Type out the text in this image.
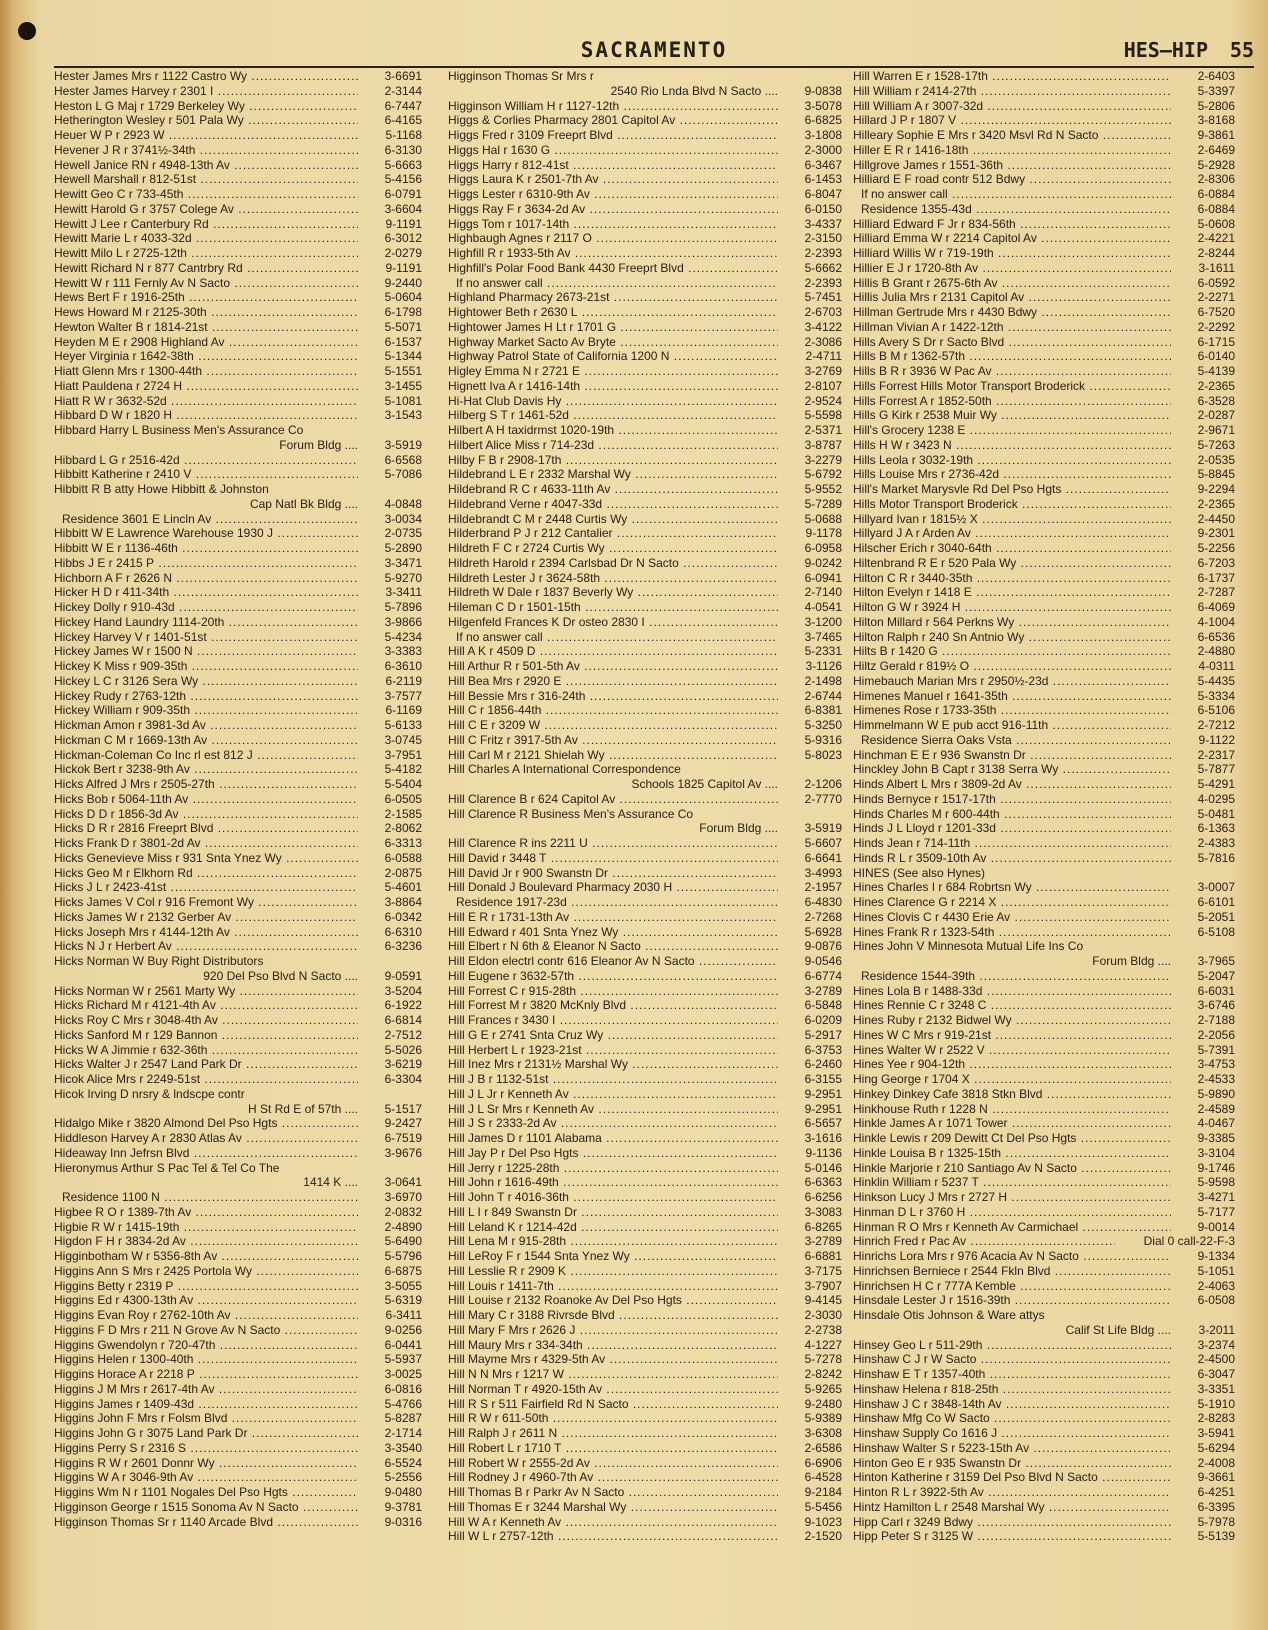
SACRAMENTO	HES—HIP 55
Hester James Mrs r 1122 Castro Wy .....	3-6691
Hester James Harvey r 2301 I .....	2-3144
Heston L G Maj r 1729 Berkeley Wy .....	6-7447
Hetherington Wesley r 501 Pala Wy .....	6-4165
Heuer W P r 2923 W .....	5-1168
Hevener J R r 3741½-34th .....	6-3130
Hewell Janice RN r 4948-13th Av .....	5-6663
Hewell Marshall r 812-51st .....	5-4156
Hewitt Geo C r 733-45th .....	6-0791
Hewitt Harold G r 3757 Colege Av .....	3-6604
Hewitt J Lee r Canterbury Rd .....	9-1191
Hewitt Marie L r 4033-32d .....	6-3012
Hewitt Milo L r 2725-12th .....	2-0279
Hewitt Richard N r 877 Cantrbry Rd .....	9-1191
Hewitt W r 111 Fernly Av N Sacto .....	9-2440
Hews Bert F r 1916-25th .....	5-0604
Hews Howard M r 2125-30th .....	6-1798
Hewton Walter B r 1814-21st .....	5-5071
Heyden M E r 2908 Highland Av .....	6-1537
Heyer Virginia r 1642-38th .....	5-1344
Hiatt Glenn Mrs r 1300-44th .....	5-1551
Hiatt Pauldena r 2724 H .....	3-1455
Hiatt R W r 3632-52d .....	5-1081
Hibbard D W r 1820 H .....	3-1543
Hibbard Harry L Business Men's Assurance Co
Forum Bldg ....	3-5919
Hibbard L G r 2516-42d .....	6-6568
Hibbitt Katherine r 2410 V .....	5-7086
Hibbitt R B atty Howe Hibbitt & Johnston
Cap Natl Bk Bldg ....	4-0848
Residence 3601 E Lincln Av .....	3-0034
Hibbitt W E Lawrence Warehouse 1930 J .....	2-0735
Hibbitt W E r 1136-46th .....	5-2890
Hibbs J E r 2415 P .....	3-3471
Hichborn A F r 2626 N .....	5-9270
Hicker H D r 411-34th .....	3-3411
Hickey Dolly r 910-43d .....	5-7896
Hickey Hand Laundry 1114-20th .....	3-9866
Hickey Harvey V r 1401-51st .....	5-4234
Hickey James W r 1500 N .....	3-3383
Hickey K Miss r 909-35th .....	6-3610
Hickey L C r 3126 Sera Wy .....	6-2119
Hickey Rudy r 2763-12th .....	3-7577
Hickey William r 909-35th .....	6-1169
Hickman Amon r 3981-3d Av .....	5-6133
Hickman C M r 1669-13th Av .....	3-0745
Hickman-Coleman Co Inc rl est 812 J .....	3-7951
Hickok Bert r 3238-9th Av .....	5-4182
Hicks Alfred J Mrs r 2505-27th .....	5-5404
Hicks Bob r 5064-11th Av .....	6-0505
Hicks D D r 1856-3d Av .....	2-1585
Hicks D R r 2816 Freeprt Blvd .....	2-8062
Hicks Frank D r 3801-2d Av .....	6-3313
Hicks Genevieve Miss r 931 Snta Ynez Wy .....	6-0588
Hicks Geo M r Elkhorn Rd .....	2-0875
Hicks J L r 2423-41st .....	5-4601
Hicks James V Col r 916 Fremont Wy .....	3-8864
Hicks James W r 2132 Gerber Av .....	6-0342
Hicks Joseph Mrs r 4144-12th Av .....	6-6310
Hicks N J r Herbert Av .....	6-3236
Hicks Norman W Buy Right Distributors
920 Del Pso Blvd N Sacto ....	9-0591
Hicks Norman W r 2561 Marty Wy .....	3-5204
Hicks Richard M r 4121-4th Av .....	6-1922
Hicks Roy C Mrs r 3048-4th Av .....	6-6814
Hicks Sanford M r 129 Bannon .....	2-7512
Hicks W A Jimmie r 632-36th .....	5-5026
Hicks Walter J r 2547 Land Park Dr .....	3-6219
Hicok Alice Mrs r 2249-51st .....	6-3304
Hicok Irving D nrsry & lndscpe contr
H St Rd E of 57th ....	5-1517
Hidalgo Mike r 3820 Almond Del Pso Hgts .....	9-2427
Hiddleson Harvey A r 2830 Atlas Av .....	6-7519
Hideaway Inn Jefrsn Blvd .....	3-9676
Hieronymus Arthur S Pac Tel & Tel Co The
1414 K ....	3-0641
Residence 1100 N .....	3-6970
Higbee R O r 1389-7th Av .....	2-0832
Higbie R W r 1415-19th .....	2-4890
Higdon F H r 3834-2d Av .....	5-6490
Higginbotham W r 5356-8th Av .....	5-5796
Higgins Ann S Mrs r 2425 Portola Wy .....	6-6875
Higgins Betty r 2319 P .....	3-5055
Higgins Ed r 4300-13th Av .....	5-6319
Higgins Evan Roy r 2762-10th Av .....	6-3411
Higgins F D Mrs r 211 N Grove Av N Sacto .....	9-0256
Higgins Gwendolyn r 720-47th .....	6-0441
Higgins Helen r 1300-40th .....	5-5937
Higgins Horace A r 2218 P .....	3-0025
Higgins J M Mrs r 2617-4th Av .....	6-0816
Higgins James r 1409-43d .....	5-4766
Higgins John F Mrs r Folsm Blvd .....	5-8287
Higgins John G r 3075 Land Park Dr .....	2-1714
Higgins Perry S r 2316 S .....	3-3540
Higgins R W r 2601 Donnr Wy .....	6-5524
Higgins W A r 3046-9th Av .....	5-2556
Higgins Wm N r 1101 Nogales Del Pso Hgts .....	9-0480
Higginson George r 1515 Sonoma Av N Sacto .....	9-3781
Higginson Thomas Sr r 1140 Arcade Blvd .....	9-0316
Higginson Thomas Sr Mrs r
2540 Rio Lnda Blvd N Sacto ....	9-0838
Higginson William H r 1127-12th .....	3-5078
Higgs & Corlies Pharmacy 2801 Capitol Av .....	6-6825
Higgs Fred r 3109 Freeprt Blvd .....	3-1808
Higgs Hal r 1630 G .....	2-3000
Higgs Harry r 812-41st .....	6-3467
Higgs Laura K r 2501-7th Av .....	6-1453
Higgs Lester r 6310-9th Av .....	6-8047
Higgs Ray F r 3634-2d Av .....	6-0150
Higgs Tom r 1017-14th .....	3-4337
Highbaugh Agnes r 2117 O .....	2-3150
Highfill R r 1933-5th Av .....	2-2393
Highfill's Polar Food Bank 4430 Freeprt Blvd .....	5-6662
If no answer call .....	2-2393
Highland Pharmacy 2673-21st .....	5-7451
Hightower Beth r 2630 L .....	2-6703
Hightower James H Lt r 1701 G .....	3-4122
Highway Market Sacto Av Bryte .....	2-3086
Highway Patrol State of California 1200 N .....	2-4711
Higley Emma N r 2721 E .....	3-2769
Hignett Iva A r 1416-14th .....	2-8107
Hi-Hat Club Davis Hy .....	2-9524
Hilberg S T r 1461-52d .....	5-5598
Hilbert A H taxidrmst 1020-19th .....	2-5371
Hilbert Alice Miss r 714-23d .....	3-8787
Hilby F B r 2908-17th .....	3-2279
Hildebrand L E r 2332 Marshal Wy .....	5-6792
Hildebrand R C r 4633-11th Av .....	5-9552
Hildebrand Verne r 4047-33d .....	5-7289
Hildebrandt C M r 2448 Curtis Wy .....	5-0688
Hilderbrand P J r 212 Cantalier .....	9-1178
Hildreth F C r 2724 Curtis Wy .....	6-0958
Hildreth Harold r 2394 Carlsbad Dr N Sacto .....	9-0242
Hildreth Lester J r 3624-58th .....	6-0941
Hildreth W Dale r 1837 Beverly Wy .....	2-7140
Hileman C D r 1501-15th .....	4-0541
Hilgenfeld Frances K Dr osteo 2830 I .....	3-1200
If no answer call .....	3-7465
Hill A K r 4509 D .....	5-2331
Hill Arthur R r 501-5th Av .....	3-1126
Hill Bea Mrs r 2920 E .....	2-1498
Hill Bessie Mrs r 316-24th .....	2-6744
Hill C r 1856-44th .....	6-8381
Hill C E r 3209 W .....	5-3250
Hill C Fritz r 3917-5th Av .....	5-9316
Hill Carl M r 2121 Shielah Wy .....	5-8023
Hill Charles A International Correspondence
Schools 1825 Capitol Av ....	2-1206
Hill Clarence B r 624 Capitol Av .....	2-7770
Hill Clarence R Business Men's Assurance Co
Forum Bldg ....	3-5919
Hill Clarence R ins 2211 U .....	5-6607
Hill David r 3448 T .....	6-6641
Hill David Jr r 900 Swanstn Dr .....	3-4993
Hill Donald J Boulevard Pharmacy 2030 H .....	2-1957
Residence 1917-23d .....	6-4830
Hill E R r 1731-13th Av .....	2-7268
Hill Edward r 401 Snta Ynez Wy .....	5-6928
Hill Elbert r N 6th & Eleanor N Sacto .....	9-0876
Hill Eldon electrl contr 616 Eleanor Av N Sacto .....	9-0546
Hill Eugene r 3632-57th .....	6-6774
Hill Forrest C r 915-28th .....	3-2789
Hill Forrest M r 3820 McKnly Blvd .....	6-5848
Hill Frances r 3430 I .....	6-0209
Hill G E r 2741 Snta Cruz Wy .....	5-2917
Hill Herbert L r 1923-21st .....	6-3753
Hill Inez Mrs r 2131½ Marshal Wy .....	6-2460
Hill J B r 1132-51st .....	6-3155
Hill J L Jr r Kenneth Av .....	9-2951
Hill J L Sr Mrs r Kenneth Av .....	9-2951
Hill J S r 2333-2d Av .....	6-5657
Hill James D r 1101 Alabama .....	3-1616
Hill Jay P r Del Pso Hgts .....	9-1136
Hill Jerry r 1225-28th .....	5-0146
Hill John r 1616-49th .....	6-6363
Hill John T r 4016-36th .....	6-6256
Hill L I r 849 Swanstn Dr .....	3-3083
Hill Leland K r 1214-42d .....	6-8265
Hill Lena M r 915-28th .....	3-2789
Hill LeRoy F r 1544 Snta Ynez Wy .....	6-6881
Hill Lesslie R r 2909 K .....	3-7175
Hill Louis r 1411-7th .....	3-7907
Hill Louise r 2132 Roanoke Av Del Pso Hgts .....	9-4145
Hill Mary C r 3188 Rivrsde Blvd .....	2-3030
Hill Mary F Mrs r 2626 J .....	2-2738
Hill Maury Mrs r 334-34th .....	4-1227
Hill Mayme Mrs r 4329-5th Av .....	5-7278
Hill N N Mrs r 1217 W .....	2-8242
Hill Norman T r 4920-15th Av .....	5-9265
Hill R S r 511 Fairfield Rd N Sacto .....	9-2480
Hill R W r 611-50th .....	5-9389
Hill Ralph J r 2611 N .....	3-6308
Hill Robert L r 1710 T .....	2-6586
Hill Robert W r 2555-2d Av .....	6-6906
Hill Rodney J r 4960-7th Av .....	6-4528
Hill Thomas B r Parkr Av N Sacto .....	9-2184
Hill Thomas E r 3244 Marshal Wy .....	5-5456
Hill W A r Kenneth Av .....	9-1023
Hill W L r 2757-12th .....	2-1520
Hill Warren E r 1528-17th .....	2-6403
Hill William r 2414-27th .....	5-3397
Hill William A r 3007-32d .....	5-2806
Hillard J P r 1807 V .....	3-8168
Hilleary Sophie E Mrs r 3420 Msvl Rd N Sacto .....	9-3861
Hiller E R r 1416-18th .....	2-6469
Hillgrove James r 1551-36th .....	5-2928
Hilliard E F road contr 512 Bdwy .....	2-8306
If no answer call .....	6-0884
Residence 1355-43d .....	6-0884
Hilliard Edward F Jr r 834-56th .....	5-0608
Hilliard Emma W r 2214 Capitol Av .....	2-4221
Hilliard Willis W r 719-19th .....	2-8244
Hillier E J r 1720-8th Av .....	3-1611
Hillis B Grant r 2675-6th Av .....	6-0592
Hillis Julia Mrs r 2131 Capitol Av .....	2-2271
Hillman Gertrude Mrs r 4430 Bdwy .....	6-7520
Hillman Vivian A r 1422-12th .....	2-2292
Hills Avery S Dr r Sacto Blvd .....	6-1715
Hills B M r 1362-57th .....	6-0140
Hills B R r 3936 W Pac Av .....	5-4139
Hills Forrest Hills Motor Transport Broderick .....	2-2365
Hills Forrest A r 1852-50th .....	6-3528
Hills G Kirk r 2538 Muir Wy .....	2-0287
Hill's Grocery 1238 E .....	2-9671
Hills H W r 3423 N .....	5-7263
Hills Leola r 3032-19th .....	2-0535
Hills Louise Mrs r 2736-42d .....	5-8845
Hill's Market Marysvle Rd Del Pso Hgts .....	9-2294
Hills Motor Transport Broderick .....	2-2365
Hillyard Ivan r 1815½ X .....	2-4450
Hillyard J A r Arden Av .....	9-2301
Hilscher Erich r 3040-64th .....	5-2256
Hiltenbrand R E r 520 Pala Wy .....	6-7203
Hilton C R r 3440-35th .....	6-1737
Hilton Evelyn r 1418 E .....	2-7287
Hilton G W r 3924 H .....	6-4069
Hilton Millard r 564 Perkns Wy .....	4-1004
Hilton Ralph r 240 Sn Antnio Wy .....	6-6536
Hilts B r 1420 G .....	2-4880
Hiltz Gerald r 819½ O .....	4-0311
Himebauch Marian Mrs r 2950½-23d .....	5-4435
Himenes Manuel r 1641-35th .....	5-3334
Himenes Rose r 1733-35th .....	6-5106
Himmelmann W E pub acct 916-11th .....	2-7212
Residence Sierra Oaks Vsta .....	9-1122
Hinchman E E r 936 Swanstn Dr .....	2-2317
Hinckley John B Capt r 3138 Serra Wy .....	5-7877
Hinds Albert L Mrs r 3809-2d Av .....	5-4291
Hinds Bernyce r 1517-17th .....	4-0295
Hinds Charles M r 600-44th .....	5-0481
Hinds J L Lloyd r 1201-33d .....	6-1363
Hinds Jean r 714-11th .....	2-4383
Hinds R L r 3509-10th Av .....	5-7816
HINES (See also Hynes)
Hines Charles I r 684 Robrtsn Wy .....	3-0007
Hines Clarence G r 2214 X .....	6-6101
Hines Clovis C r 4430 Erie Av .....	5-2051
Hines Frank R r 1323-54th .....	6-5108
Hines John V Minnesota Mutual Life Ins Co
Forum Bldg ....	3-7965
Residence 1544-39th .....	5-2047
Hines Lola B r 1488-33d .....	6-6031
Hines Rennie C r 3248 C .....	3-6746
Hines Ruby r 2132 Bidwel Wy .....	2-7188
Hines W C Mrs r 919-21st .....	2-2056
Hines Walter W r 2522 V .....	5-7391
Hines Yee r 904-12th .....	3-4753
Hing George r 1704 X .....	2-4533
Hinkey Dinkey Cafe 3818 Stkn Blvd .....	5-9890
Hinkhouse Ruth r 1228 N .....	2-4589
Hinkle James A r 1071 Tower .....	4-0467
Hinkle Lewis r 209 Dewitt Ct Del Pso Hgts .....	9-3385
Hinkle Louisa B r 1325-15th .....	3-3104
Hinkle Marjorie r 210 Santiago Av N Sacto .....	9-1746
Hinklin William r 5237 T .....	5-9598
Hinkson Lucy J Mrs r 2727 H .....	3-4271
Hinman D L r 3760 H .....	5-7177
Hinman R O Mrs r Kenneth Av Carmichael .....	9-0014
Hinrich Fred r Pac Av .....	Dial 0 call-22-F-3
Hinrichs Lora Mrs r 976 Acacia Av N Sacto .....	9-1334
Hinrichsen Berniece r 2544 Fkln Blvd .....	5-1051
Hinrichsen H C r 777A Kemble .....	2-4063
Hinsdale Lester J r 1516-39th .....	6-0508
Hinsdale Otis Johnson & Ware attys
Calif St Life Bldg ....	3-2011
Hinsey Geo L r 511-29th .....	3-2374
Hinshaw C J r W Sacto .....	2-4500
Hinshaw E T r 1357-40th .....	6-3047
Hinshaw Helena r 818-25th .....	3-3351
Hinshaw J C r 3848-14th Av .....	5-1910
Hinshaw Mfg Co W Sacto .....	2-8283
Hinshaw Supply Co 1616 J .....	3-5941
Hinshaw Walter S r 5223-15th Av .....	5-6294
Hinton Geo E r 935 Swanstn Dr .....	2-4008
Hinton Katherine r 3159 Del Pso Blvd N Sacto .....	9-3661
Hinton R L r 3922-5th Av .....	6-4251
Hintz Hamilton L r 2548 Marshal Wy .....	6-3395
Hipp Carl r 3249 Bdwy .....	5-7978
Hipp Peter S r 3125 W .....	5-5139
